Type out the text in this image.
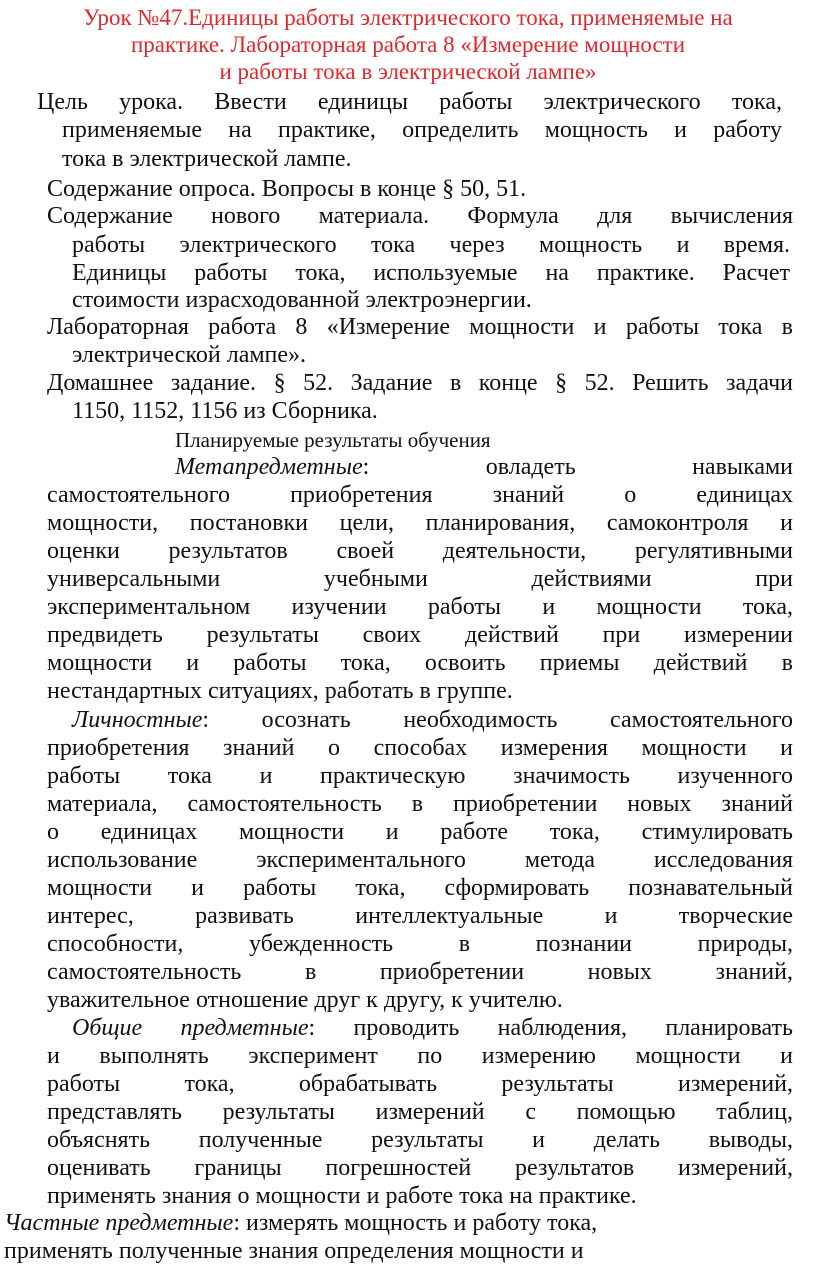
Урок №47.Единицы работы электрического тока, применяемые на
практике. Лабораторная работа 8 «Измерение мощности
и работы тока в электрической лампе»
Цель урока. Ввести единицы работы электрического тока,
применяемые на практике, определить мощность и работу
тока в электрической лампе.
Содержание опроса. Вопросы в конце § 50, 51.
Содержание нового материала. Формула для вычисления
работы электрического тока через мощность и время.
Единицы работы тока, используемые на практике. Расчет
стоимости израсходованной электроэнергии.
Лабораторная работа 8 «Измерение мощности и работы тока в
электрической лампе».
Домашнее задание. § 52. Задание в конце § 52. Решить задачи
1150, 1152, 1156 из Сборника.
Планируемые результаты обучения
Метапредметные:	овладеть навыками
самостоятельного приобретения знаний о единицах
мощности, постановки цели, планирования, самоконтроля и
оценки результатов своей деятельности, регулятивными
универсальными учебными действиями при
экспериментальном изучении работы и мощности тока,
предвидеть результаты своих действий при измерении
мощности и работы тока, освоить приемы действий в
нестандартных ситуациях, работать в группе.
Личностные: осознать необходимость самостоятельного
приобретения знаний о способах измерения мощности и
работы тока и практическую значимость изученного
материала, самостоятельность в приобретении новых знаний
о единицах мощности и работе тока, стимулировать
использование экспериментального метода исследования
мощности и работы тока, сформировать познавательный
интерес, развивать интеллектуальные и творческие
способности, убежденность в познании природы,
самостоятельность в приобретении новых знаний,
уважительное отношение друг к другу, к учителю.
Общие предметные: проводить наблюдения, планировать
и выполнять эксперимент по измерению мощности и
работы тока, обрабатывать результаты измерений,
представлять результаты измерений с помощью таблиц,
объяснять полученные результаты и делать выводы,
оценивать границы погрешностей результатов измерений,
применять знания о мощности и работе тока на практике.
Частные предметные: измерять мощность и работу тока,
применять полученные знания определения мощности и
